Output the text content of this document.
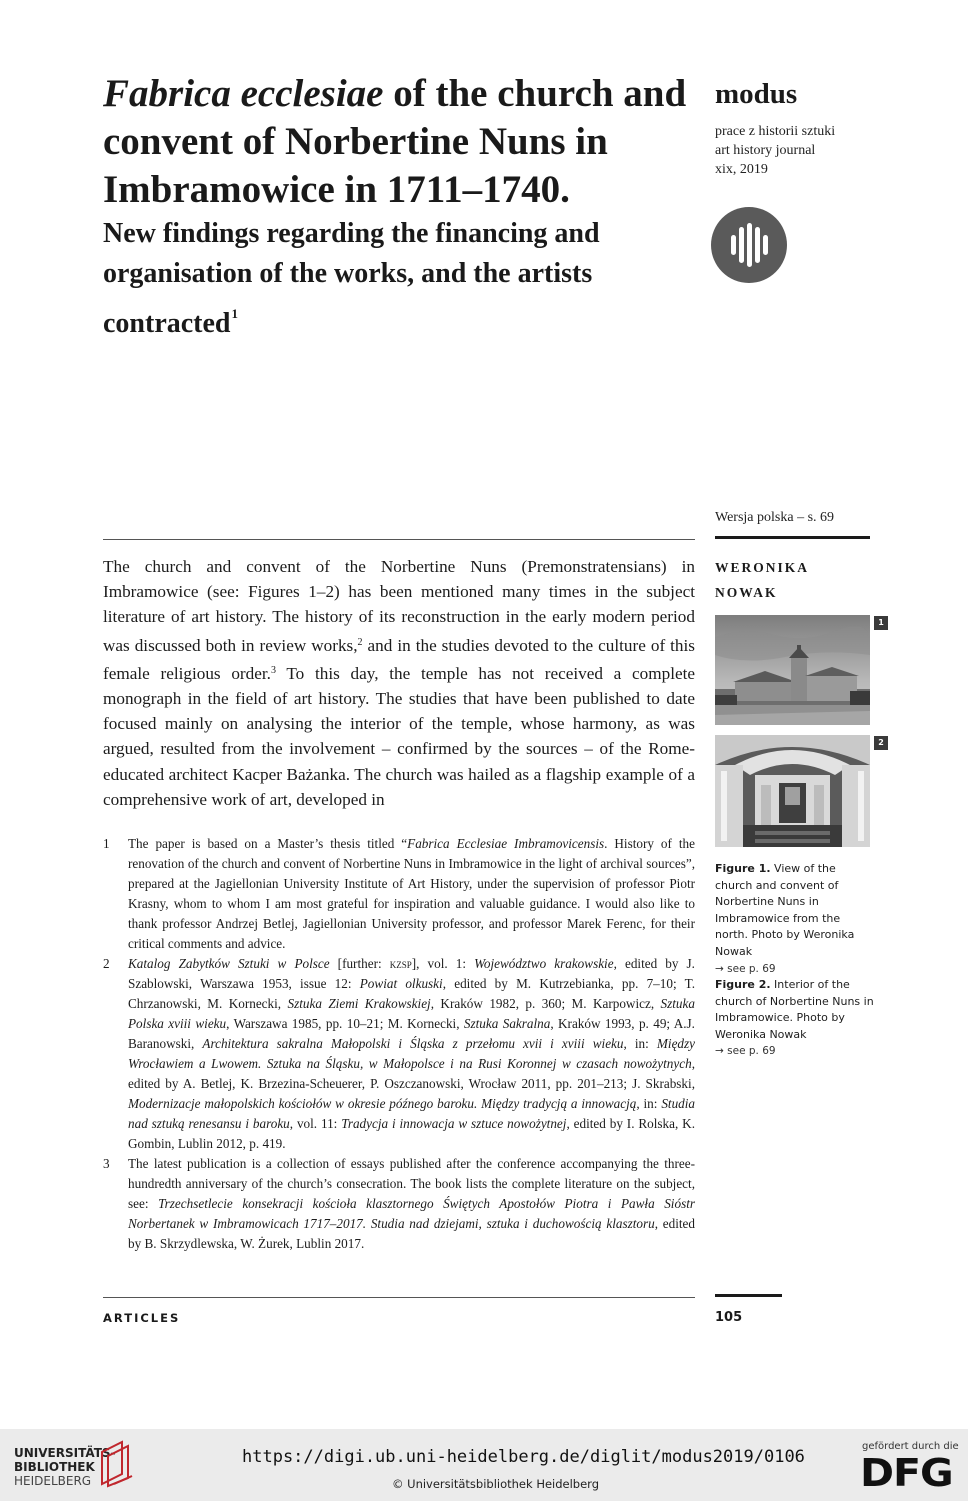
Fabrica ecclesiae of the church and convent of Norbertine Nuns in Imbramowice in 1711–1740.
New findings regarding the financing and organisation of the works, and the artists contracted$^1$
modus
prace z historii sztuki
art history journal
xix, 2019
Wersja polska – s. 69

The church and convent of the Norbertine Nuns (Premonstratensians) in Imbramowice (see: Figures 1–2) has been mentioned many times in the subject literature of art history. The history of its reconstruction in the early modern period was discussed both in review works,$^2$ and in the studies devoted to the culture of this female religious order.$^3$ To this day, the temple has not received a complete monograph in the field of art history. The studies that have been published to date focused mainly on analysing the interior of the temple, whose harmony, as was argued, resulted from the involvement – confirmed by the sources – of the Rome-educated architect Kacper Bażanka. The church was hailed as a flagship example of a comprehensive work of art, developed in

WERONIKA
NOWAK
1
2
Figure 1. View of the church and convent of Norbertine Nuns in Imbramowice from the north. Photo by Weronika Nowak
→ see p. 69
Figure 2. Interior of the church of Norbertine Nuns in Imbramowice. Photo by Weronika Nowak
→ see p. 69
1 The paper is based on a Master’s thesis titled “Fabrica Ecclesiae Imbramovicensis. History of the renovation of the church and convent of Norbertine Nuns in Imbramowice in the light of archival sources”, prepared at the Jagiellonian University Institute of Art History, under the supervision of professor Piotr Krasny, whom to whom I am most grateful for inspiration and valuable guidance. I would also like to thank professor Andrzej Betlej, Jagiellonian University professor, and professor Marek Ferenc, for their critical comments and advice.
2 Katalog Zabytków Sztuki w Polsce [further: kzsp], vol. 1: Województwo krakowskie, edited by J. Szablowski, Warszawa 1953, issue 12: Powiat olkuski, edited by M. Kutrzebianka, pp. 7–10; T. Chrzanowski, M. Kornecki, Sztuka Ziemi Krakowskiej, Kraków 1982, p. 360; M. Karpowicz, Sztuka Polska xviii wieku, Warszawa 1985, pp. 10–21; M. Kornecki, Sztuka Sakralna, Kraków 1993, p. 49; A.J. Baranowski, Architektura sakralna Małopolski i Śląska z przełomu xvii i xviii wieku, in: Między Wrocławiem a Lwowem. Sztuka na Śląsku, w Małopolsce i na Rusi Koronnej w czasach nowożytnych, edited by A. Betlej, K. Brzezina-Scheuerer, P. Oszczanowski, Wrocław 2011, pp. 201–213; J. Skrabski, Modernizacje małopolskich kościołów w okresie późnego baroku. Między tradycją a innowacją, in: Studia nad sztuką renesansu i baroku, vol. 11: Tradycja i innowacja w sztuce nowożytnej, edited by I. Rolska, K. Gombin, Lublin 2012, p. 419.
3 The latest publication is a collection of essays published after the conference accompanying the three-hundredth anniversary of the church’s consecration. The book lists the complete literature on the subject, see: Trzechsetlecie konsekracji kościoła klasztornego Świętych Apostołów Piotra i Pawła Sióstr Norbertanek w Imbramowicach 1717–2017. Studia nad dziejami, sztuka i duchowością klasztoru, edited by B. Skrzydlewska, W. Żurek, Lublin 2017.
ARTICLES	105
UNIVERSITÄTS-
BIBLIOTHEK
HEIDELBERG
https://digi.ub.uni-heidelberg.de/diglit/modus2019/0106
© Universitätsbibliothek Heidelberg
gefördert durch die
DFG
